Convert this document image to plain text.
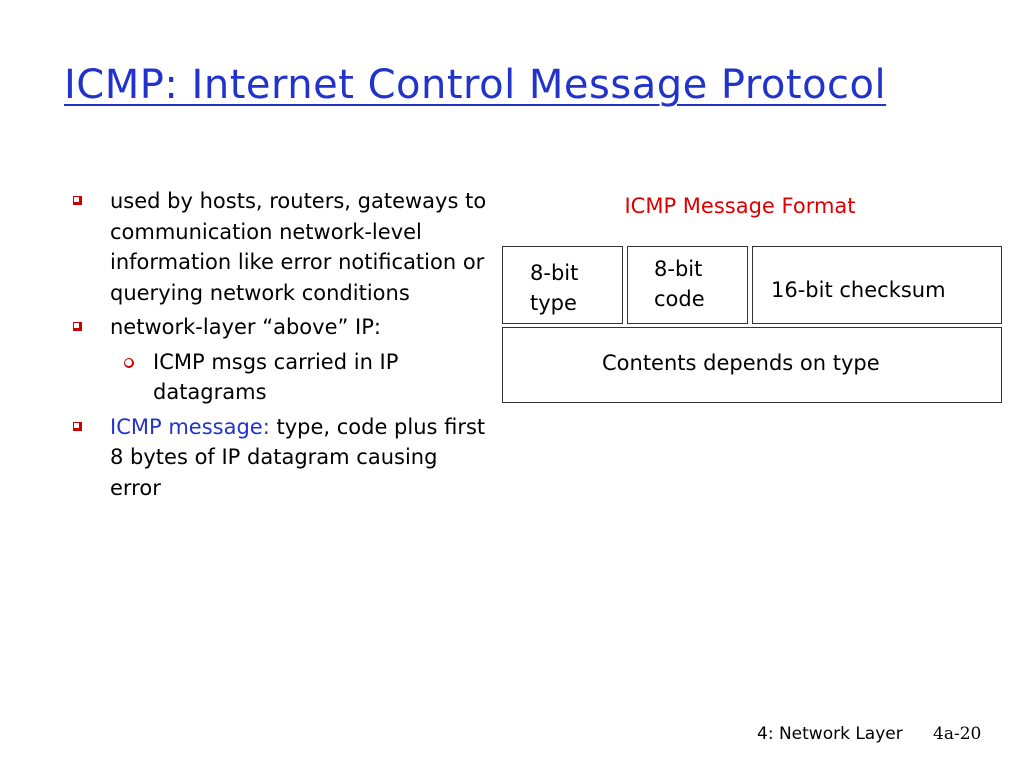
ICMP: Internet Control Message Protocol
used by hosts, routers, gateways to communication network-level information like error notification or querying network conditions
network-layer “above” IP:
ICMP msgs carried in IP datagrams
ICMP message: type, code plus first 8 bytes of IP datagram causing error
ICMP Message Format
8-bit
type
8-bit
code	16-bit checksum
Contents depends on type
4: Network Layer 4a-20
